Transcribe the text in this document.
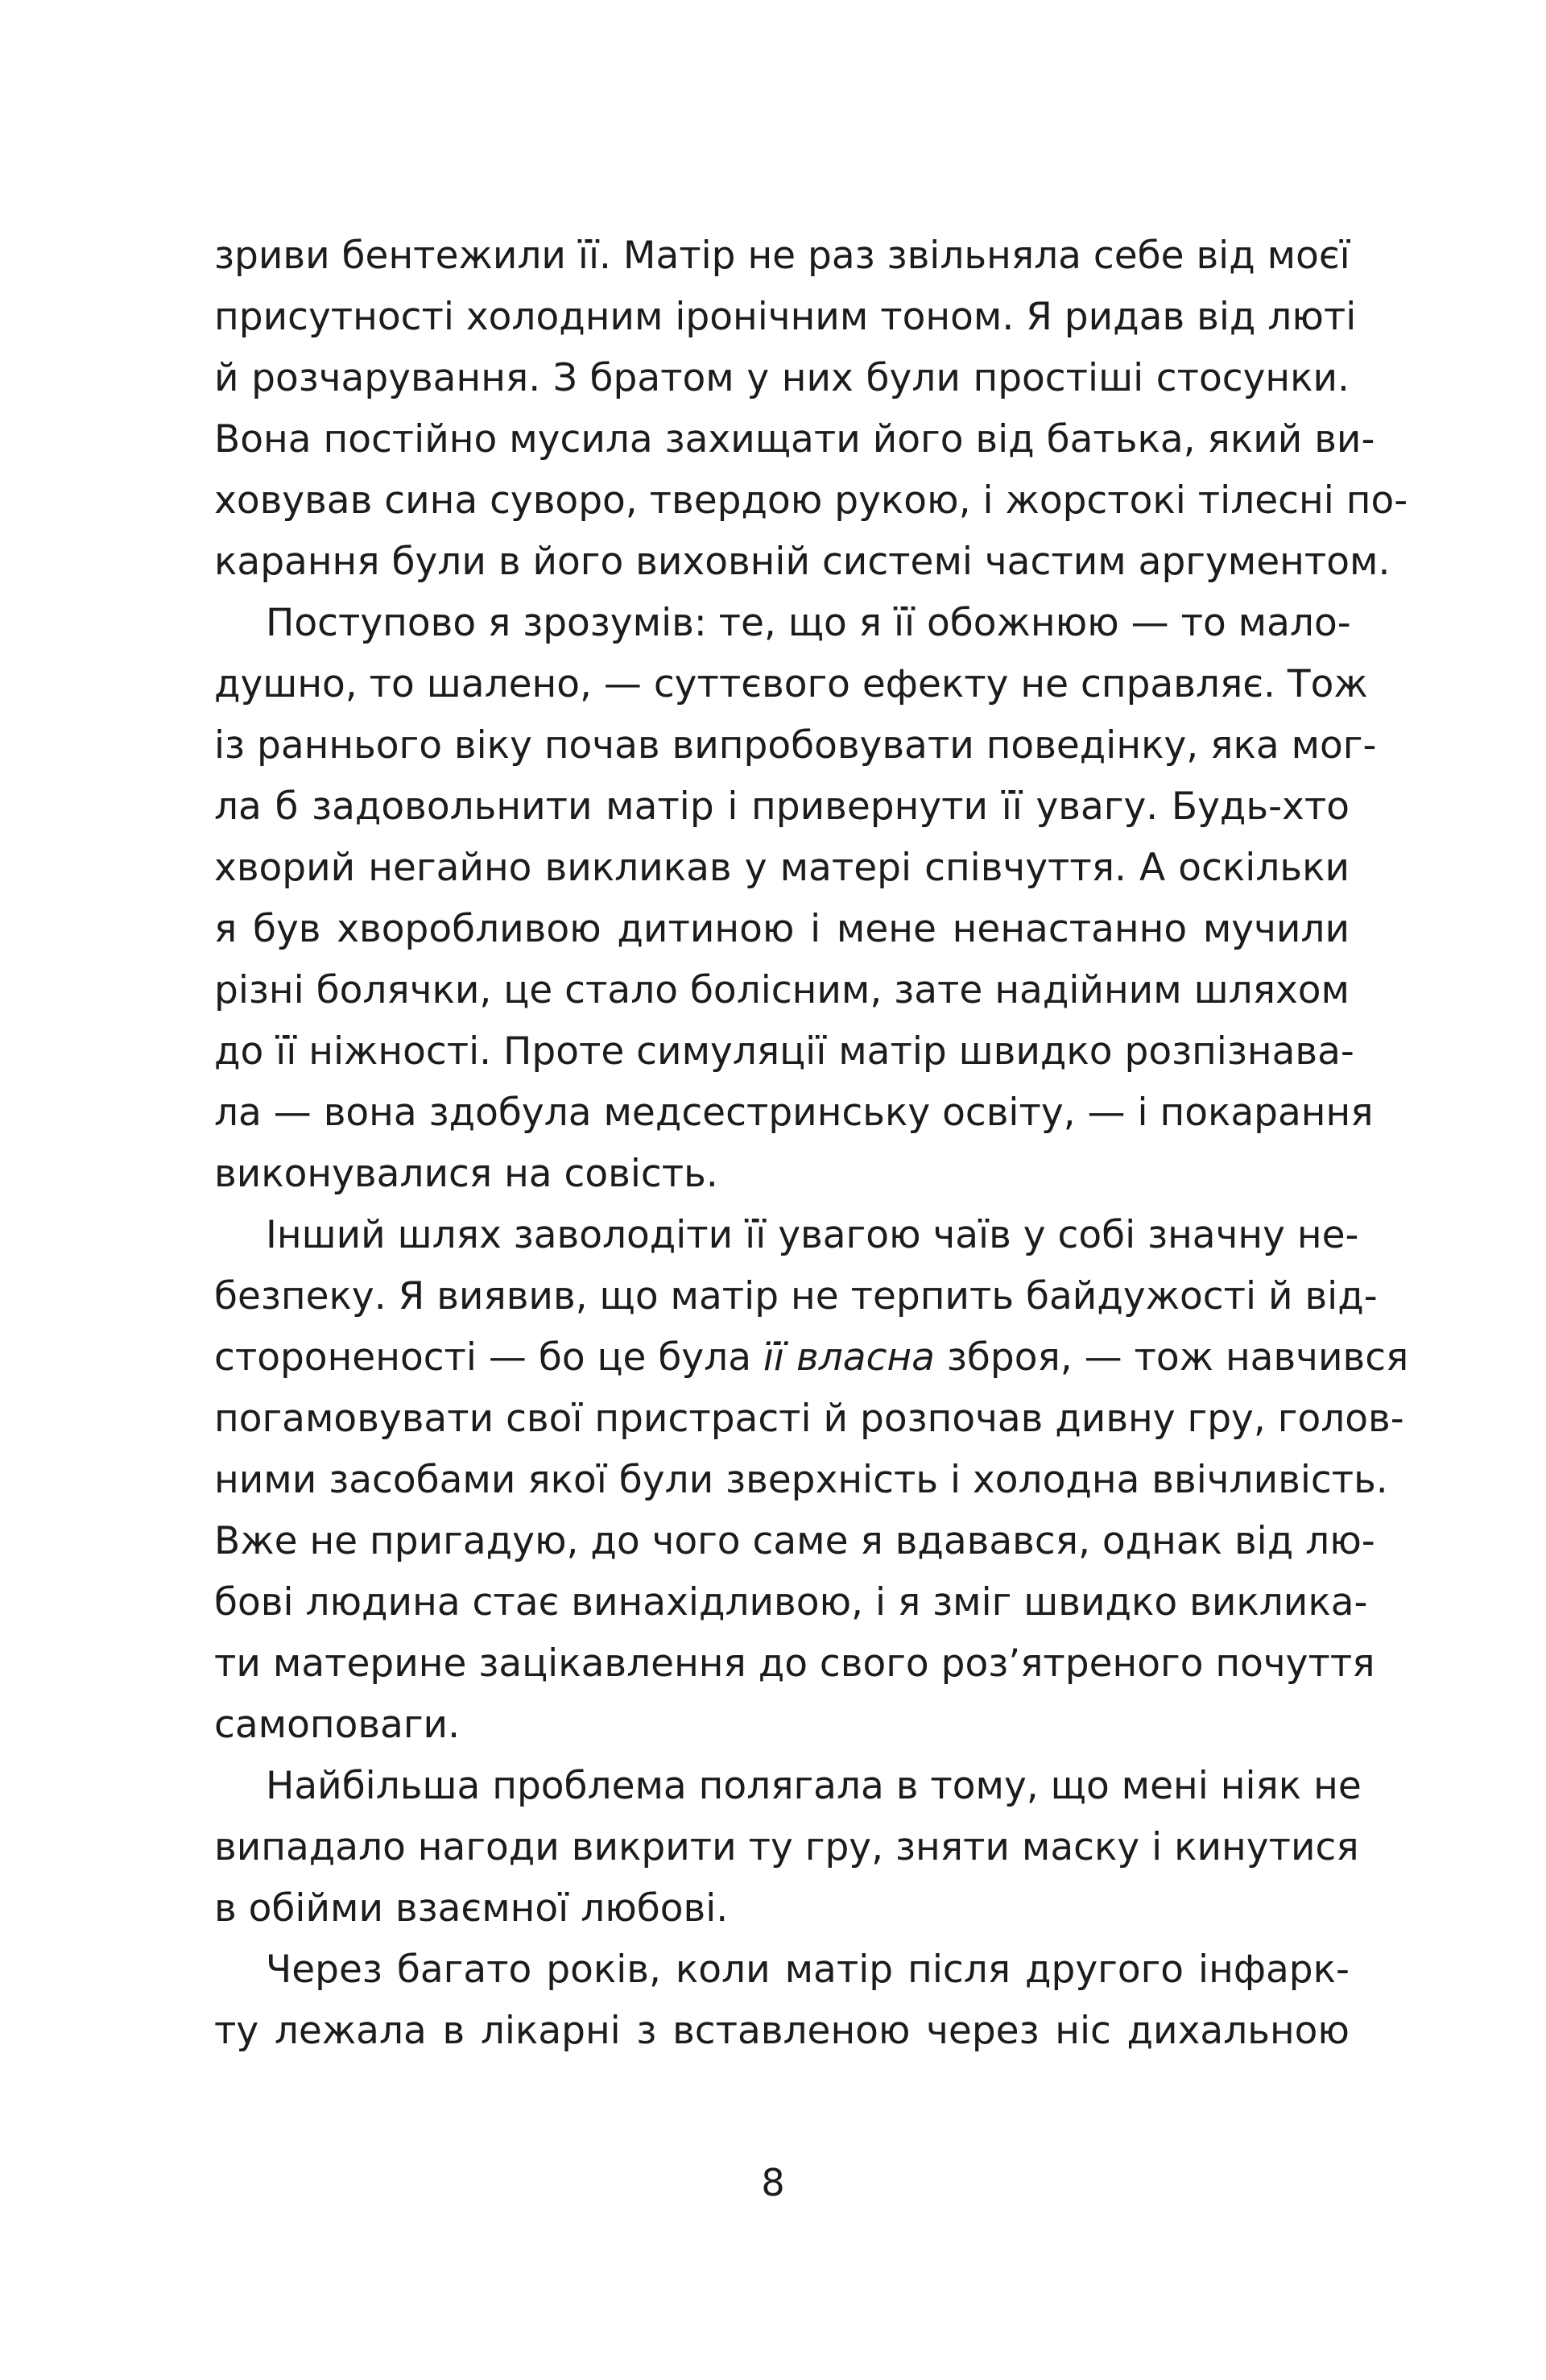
зриви бентежили її. Матір не раз звільняла себе від моєї
присутності холодним іронічним тоном. Я ридав від люті
й розчарування. З братом у них були простіші стосунки.
Вона постійно мусила захищати його від батька, який ви-
ховував сина суворо, твердою рукою, і жорстокі тілесні по-
карання були в його виховній системі частим аргументом.
Поступово я зрозумів: те, що я її обожнюю — то мало-
душно, то шалено, — суттєвого ефекту не справляє. Тож
із раннього віку почав випробовувати поведінку, яка мог-
ла б задовольнити матір і привернути її увагу. Будь-хто
хворий негайно викликав у матері співчуття. А оскільки
я був хворобливою дитиною і мене ненастанно мучили
різні болячки, це стало болісним, зате надійним шляхом
до її ніжності. Проте симуляції матір швидко розпізнава-
ла — вона здобула медсестринську освіту, — і покарання
виконувалися на совість.
Інший шлях заволодіти її увагою чаїв у собі значну не-
безпеку. Я виявив, що матір не терпить байдужості й від-
стороненості — бо це була її власна зброя, — тож навчився
погамовувати свої пристрасті й розпочав дивну гру, голов-
ними засобами якої були зверхність і холодна ввічливість.
Вже не пригадую, до чого саме я вдавався, однак від лю-
бові людина стає винахідливою, і я зміг швидко виклика-
ти материне зацікавлення до свого роз’ятреного почуття
самоповаги.
Найбільша проблема полягала в тому, що мені ніяк не
випадало нагоди викрити ту гру, зняти маску і кинутися
в обійми взаємної любові.
Через багато років, коли матір після другого інфарк-
ту лежала в лікарні з вставленою через ніс дихальною
8
